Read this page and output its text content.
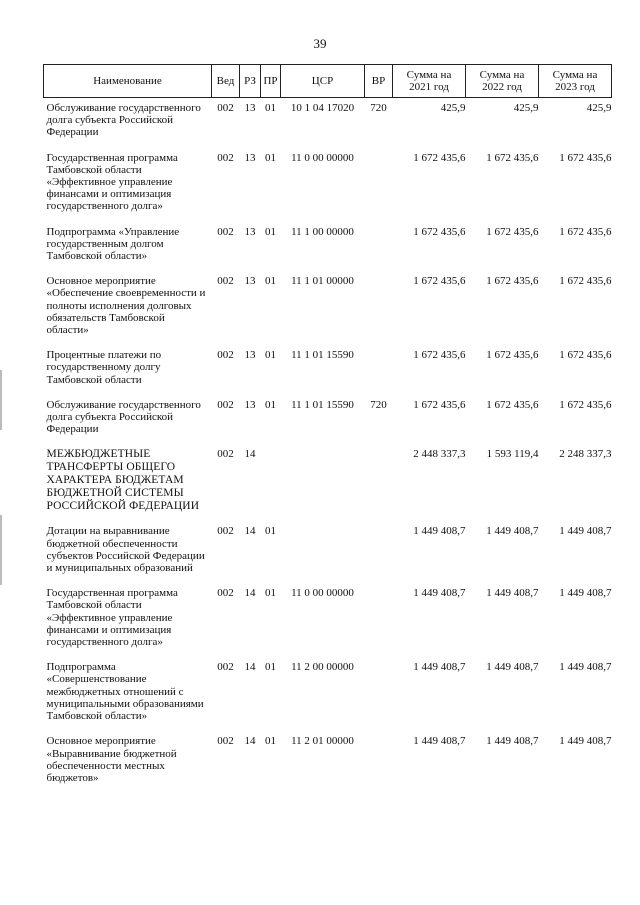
39
Наименование	Вед	РЗ	ПР	ЦСР	ВР	Сумма на 2021 год	Сумма на 2022 год	Сумма на 2023 год
Обслуживание государственного долга субъекта Российской Федерации	002	13	01	10 1 04 17020	720	425,9	425,9	425,9
Государственная программа Тамбовской области «Эффективное управление финансами и оптимизация государственного долга»	002	13	01	11 0 00 00000		1 672 435,6	1 672 435,6	1 672 435,6
Подпрограмма «Управление государственным долгом Тамбовской области»	002	13	01	11 1 00 00000		1 672 435,6	1 672 435,6	1 672 435,6
Основное мероприятие «Обеспечение своевременности и полноты исполнения долговых обязательств Тамбовской области»	002	13	01	11 1 01 00000		1 672 435,6	1 672 435,6	1 672 435,6
Процентные платежи по государственному долгу Тамбовской области	002	13	01	11 1 01 15590		1 672 435,6	1 672 435,6	1 672 435,6
Обслуживание государственного долга субъекта Российской Федерации	002	13	01	11 1 01 15590	720	1 672 435,6	1 672 435,6	1 672 435,6
МЕЖБЮДЖЕТНЫЕ ТРАНСФЕРТЫ ОБЩЕГО ХАРАКТЕРА БЮДЖЕТАМ БЮДЖЕТНОЙ СИСТЕМЫ РОССИЙСКОЙ ФЕДЕРАЦИИ	002	14				2 448 337,3	1 593 119,4	2 248 337,3
Дотации на выравнивание бюджетной обеспеченности субъектов Российской Федерации и муниципальных образований	002	14	01			1 449 408,7	1 449 408,7	1 449 408,7
Государственная программа Тамбовской области «Эффективное управление финансами и оптимизация государственного долга»	002	14	01	11 0 00 00000		1 449 408,7	1 449 408,7	1 449 408,7
Подпрограмма «Совершенствование межбюджетных отношений с муниципальными образованиями Тамбовской области»	002	14	01	11 2 00 00000		1 449 408,7	1 449 408,7	1 449 408,7
Основное мероприятие «Выравнивание бюджетной обеспеченности местных бюджетов»	002	14	01	11 2 01 00000		1 449 408,7	1 449 408,7	1 449 408,7
